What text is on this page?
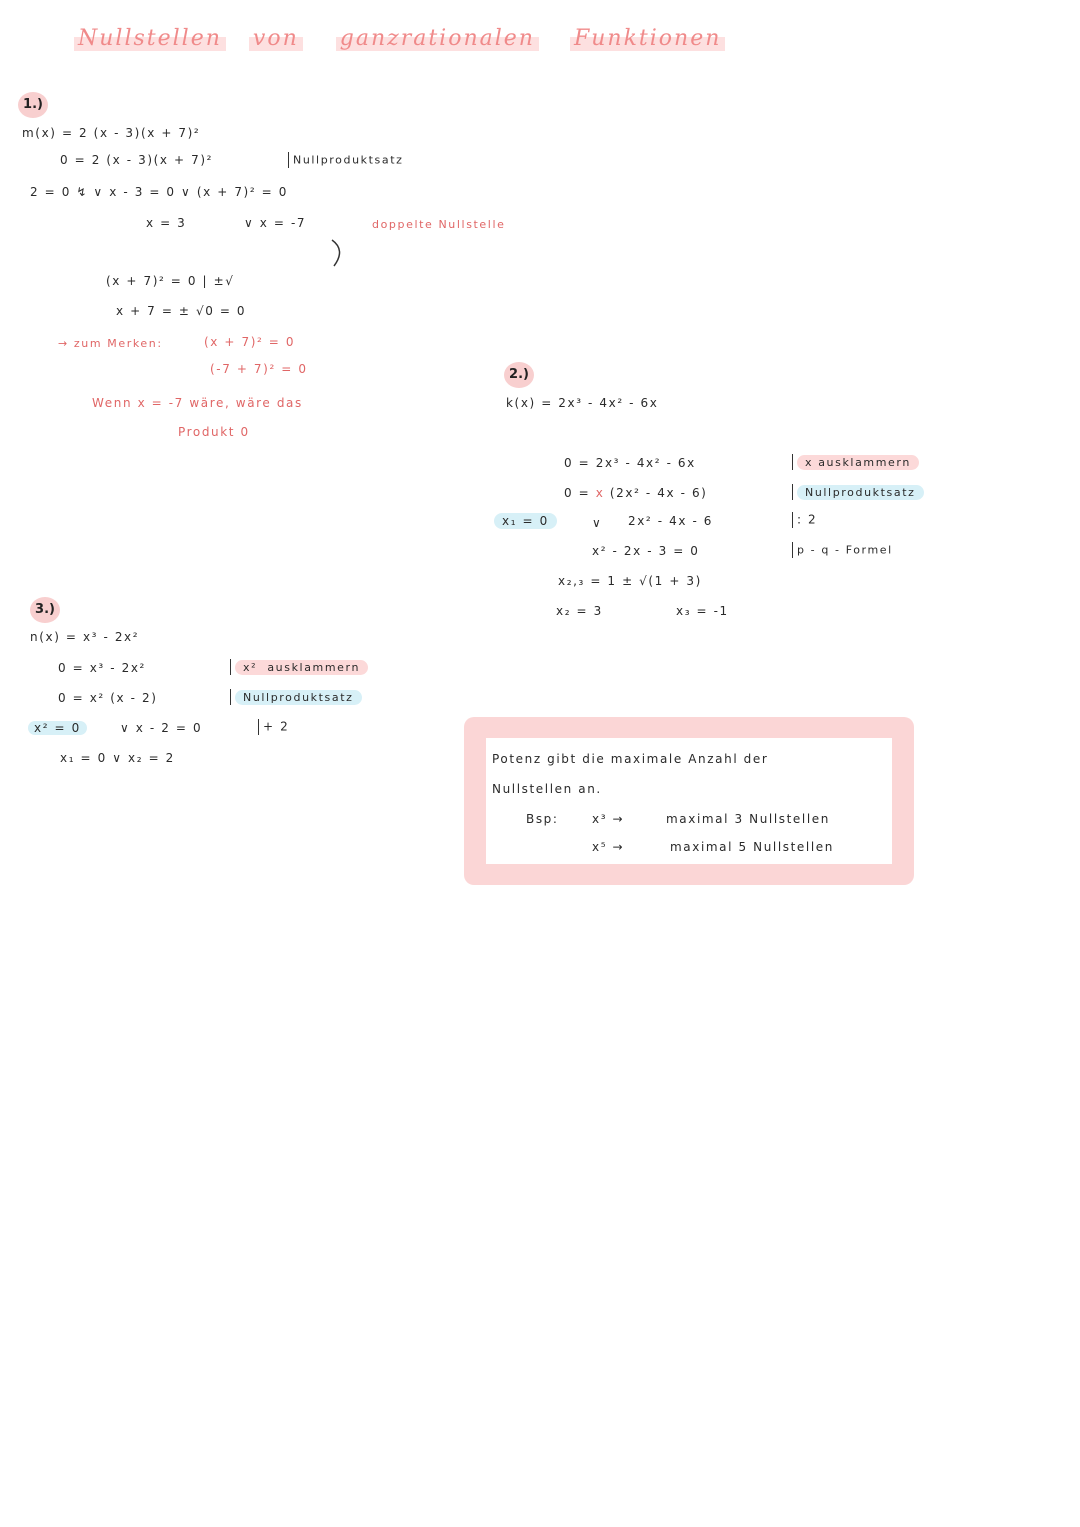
Nullstellen von ganzrationalen Funktionen
1.)
m(x) = 2 (x - 3)(x + 7)²
0 = 2 (x - 3)(x + 7)²	Nullproduktsatz
2 = 0 ↯ ∨ x - 3 = 0 ∨ (x + 7)² = 0
x = 3	∨ x = -7	doppelte Nullstelle
(x + 7)² = 0 | ±√
x + 7 = ± √0 = 0
→ zum Merken:	(x + 7)² = 0
(-7 + 7)² = 0
Wenn x = -7 wäre, wäre das
Produkt 0
2.)
k(x) = 2x³ - 4x² - 6x
0 = 2x³ - 4x² - 6x	x ausklammern
0 = x (2x² - 4x - 6)	Nullproduktsatz
x₁ = 0	∨ 2x² - 4x - 6	: 2
x² - 2x - 3 = 0	p - q - Formel
x₂,₃ = 1 ± √(1 + 3)
x₂ = 3	x₃ = -1
3.)
n(x) = x³ - 2x²
0 = x³ - 2x²	x² ausklammern
0 = x² (x - 2)	Nullproduktsatz
x² = 0	∨ x - 2 = 0	+ 2
x₁ = 0 ∨ x₂ = 2	Potenz gibt die maximale Anzahl der
Nullstellen an.
Bsp:	x³ →	maximal 3 Nullstellen
x⁵ →	maximal 5 Nullstellen
